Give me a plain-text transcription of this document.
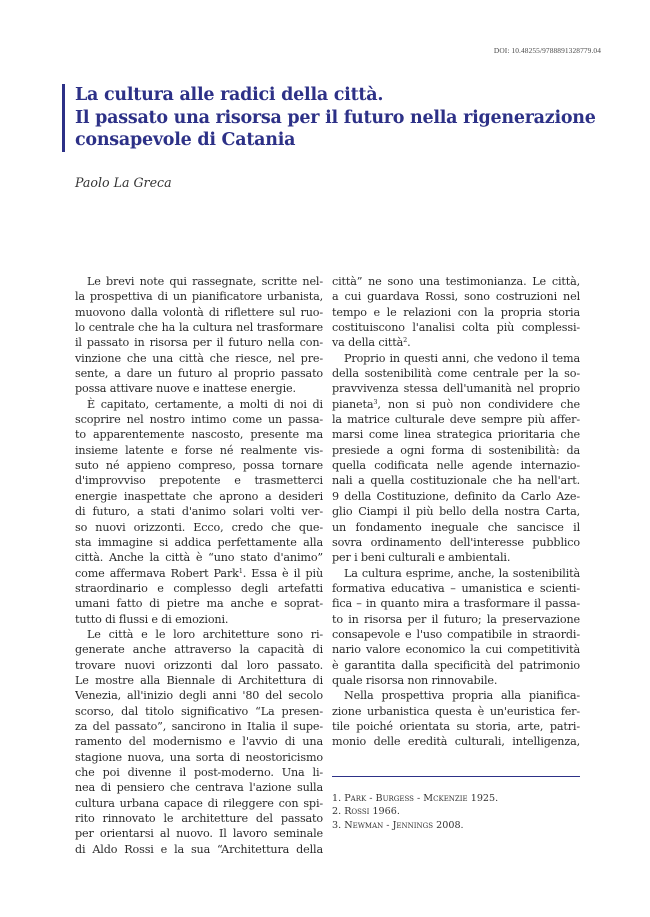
DOI: 10.48255/9788891328779.04
La cultura alle radici della città.
Il passato una risorsa per il futuro nella rigenerazione
consapevole di Catania
Paolo La Greca
Le brevi note qui rassegnate, scritte nel-
la prospettiva di un pianificatore urbanista,
muovono dalla volontà di riflettere sul ruo-
lo centrale che ha la cultura nel trasformare
il passato in risorsa per il futuro nella con-
vinzione che una città che riesce, nel pre-
sente, a dare un futuro al proprio passato
possa attivare nuove e inattese energie.
È capitato, certamente, a molti di noi di
scoprire nel nostro intimo come un passa-
to apparentemente nascosto, presente ma
insieme latente e forse né realmente vis-
suto né appieno compreso, possa tornare
d'improvviso prepotente e trasmetterci
energie inaspettate che aprono a desideri
di futuro, a stati d'animo solari volti ver-
so nuovi orizzonti. Ecco, credo che que-
sta immagine si addica perfettamente alla
città. Anche la città è “uno stato d'animo”
come affermava Robert Park$^1$. Essa è il più
straordinario e complesso degli artefatti
umani fatto di pietre ma anche e soprat-
tutto di flussi e di emozioni.
Le città e le loro architetture sono ri-
generate anche attraverso la capacità di
trovare nuovi orizzonti dal loro passato.
Le mostre alla Biennale di Architettura di
Venezia, all'inizio degli anni '80 del secolo
scorso, dal titolo significativo “La presen-
za del passato”, sancirono in Italia il supe-
ramento del modernismo e l'avvio di una
stagione nuova, una sorta di neostoricismo
che poi divenne il post-moderno. Una li-
nea di pensiero che centrava l'azione sulla
cultura urbana capace di rileggere con spi-
rito rinnovato le architetture del passato
per orientarsi al nuovo. Il lavoro seminale
di Aldo Rossi e la sua “Architettura della
città” ne sono una testimonianza. Le città,
a cui guardava Rossi, sono costruzioni nel
tempo e le relazioni con la propria storia
costituiscono l'analisi colta più complessi-
va della città$^2$.
Proprio in questi anni, che vedono il tema
della sostenibilità come centrale per la so-
pravvivenza stessa dell'umanità nel proprio
pianeta$^3$, non si può non condividere che
la matrice culturale deve sempre più affer-
marsi come linea strategica prioritaria che
presiede a ogni forma di sostenibilità: da
quella codificata nelle agende internazio-
nali a quella costituzionale che ha nell'art.
9 della Costituzione, definito da Carlo Aze-
glio Ciampi il più bello della nostra Carta,
un fondamento ineguale che sancisce il
sovra ordinamento dell'interesse pubblico
per i beni culturali e ambientali.
La cultura esprime, anche, la sostenibilità
formativa educativa – umanistica e scienti-
fica – in quanto mira a trasformare il passa-
to in risorsa per il futuro; la preservazione
consapevole e l'uso compatibile in straordi-
nario valore economico la cui competitività
è garantita dalla specificità del patrimonio
quale risorsa non rinnovabile.
Nella prospettiva propria alla pianifica-
zione urbanistica questa è un'euristica fer-
tile poiché orientata su storia, arte, patri-
monio delle eredità culturali, intelligenza,
1. Park - Burgess - Mckenzie 1925.
2. Rossi 1966.
3. Newman - Jennings 2008.
